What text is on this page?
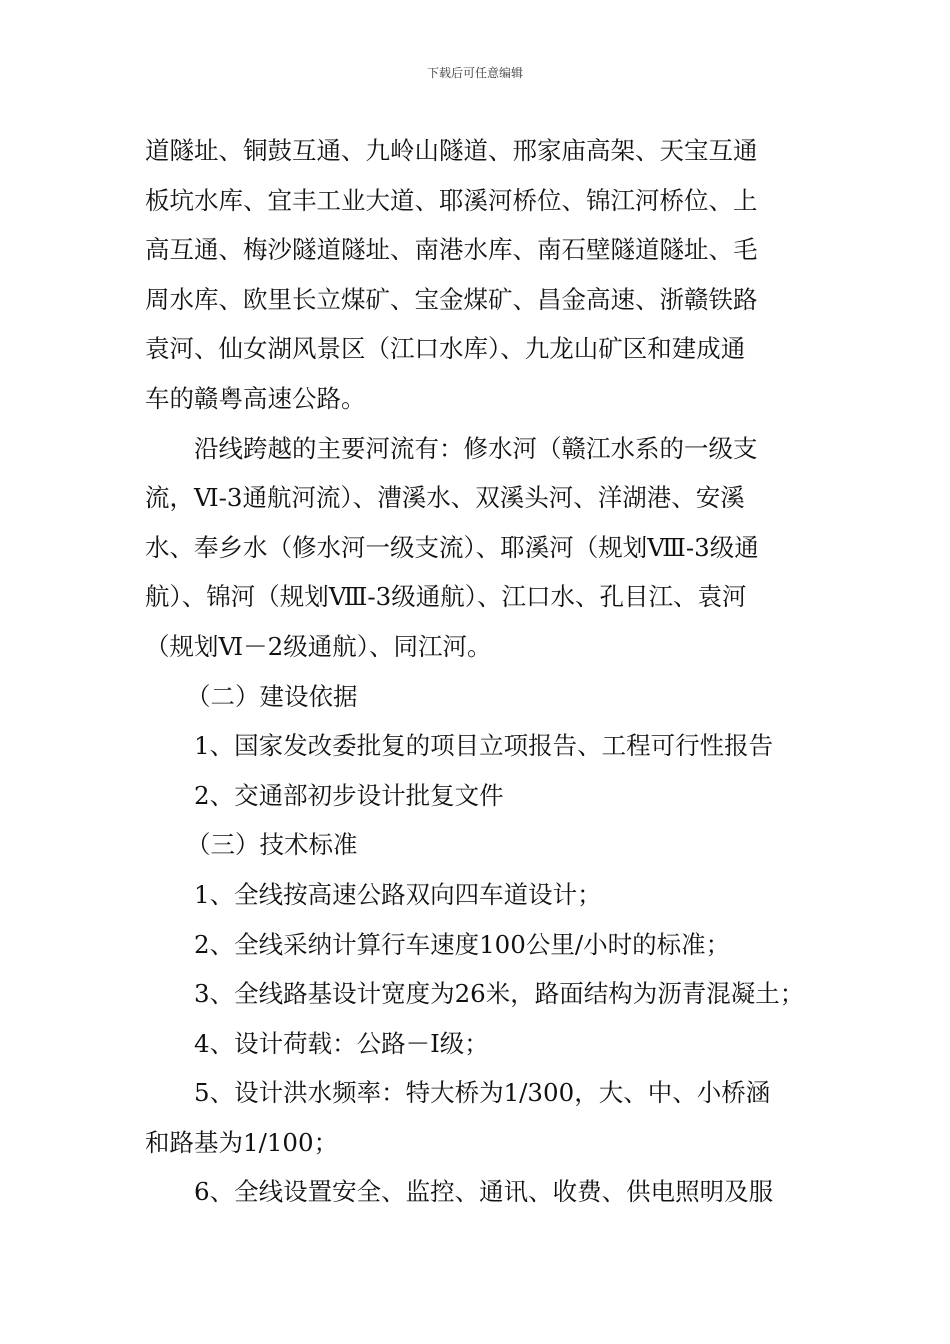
下载后可任意编辑
道隧址、铜鼓互通、九岭山隧道、邢家庙高架、天宝互通
板坑水库、宜丰工业大道、耶溪河桥位、锦江河桥位、上
高互通、梅沙隧道隧址、南港水库、南石壁隧道隧址、毛
周水库、欧里长立煤矿、宝金煤矿、昌金高速、浙赣铁路
袁河、仙女湖风景区（江口水库）、九龙山矿区和建成通
车的赣粤高速公路。
沿线跨越的主要河流有：修水河（赣江水系的一级支
流，Ⅵ-3通航河流）、漕溪水、双溪头河、洋湖港、安溪
水、奉乡水（修水河一级支流）、耶溪河（规划Ⅷ-3级通
航）、锦河（规划Ⅷ-3级通航）、江口水、孔目江、袁河
（规划Ⅵ－2级通航）、同江河。
（二）建设依据
1、国家发改委批复的项目立项报告、工程可行性报告
2、交通部初步设计批复文件
（三）技术标准
1、全线按高速公路双向四车道设计；
2、全线采纳计算行车速度100公里/小时的标准；
3、全线路基设计宽度为26米，路面结构为沥青混凝土；
4、设计荷载：公路－Ⅰ级；
5、设计洪水频率：特大桥为1/300，大、中、小桥涵
和路基为1/100；
6、全线设置安全、监控、通讯、收费、供电照明及服
